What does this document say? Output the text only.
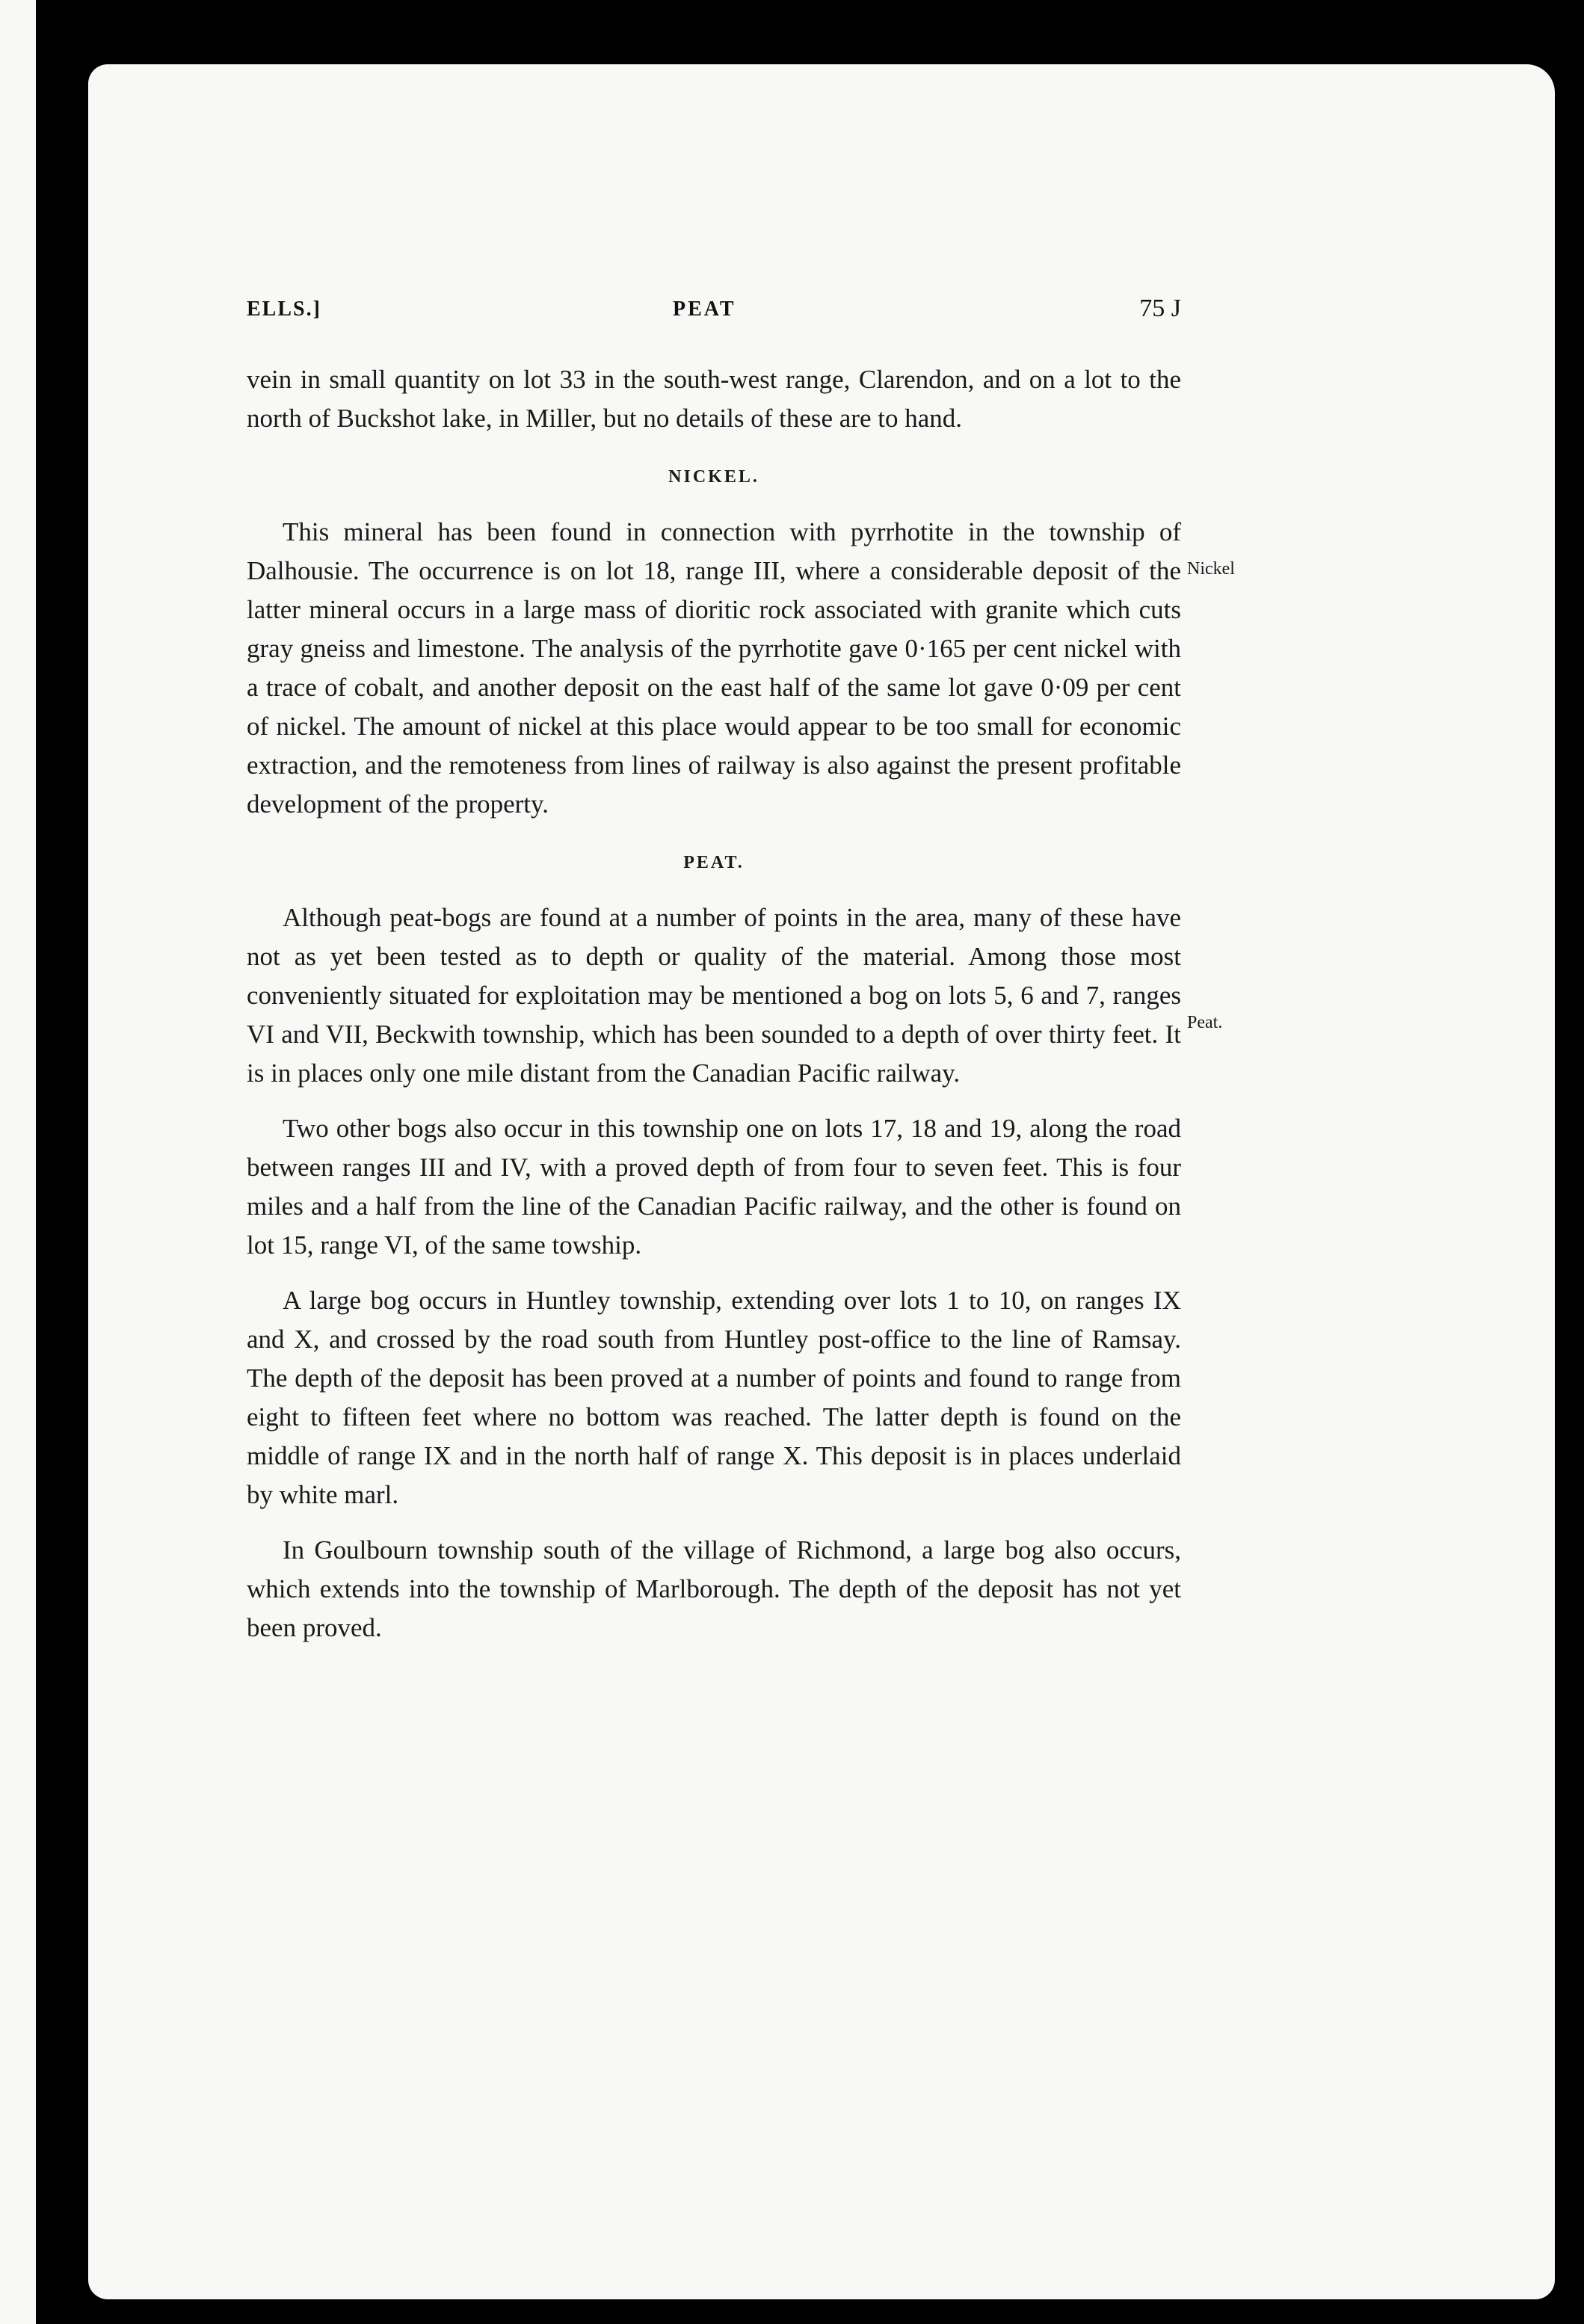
ELLS.]	PEAT	75 J
Nickel
Peat.

vein in small quantity on lot 33 in the south-west range, Clarendon, and on a lot to the north of Buckshot lake, in Miller, but no details of these are to hand.

NICKEL.

This mineral has been found in connection with pyrrhotite in the township of Dalhousie. The occurrence is on lot 18, range III, where a considerable deposit of the latter mineral occurs in a large mass of dioritic rock associated with granite which cuts gray gneiss and limestone. The analysis of the pyrrhotite gave 0·165 per cent nickel with a trace of cobalt, and another deposit on the east half of the same lot gave 0·09 per cent of nickel. The amount of nickel at this place would appear to be too small for economic extraction, and the remoteness from lines of railway is also against the present profitable development of the property.

PEAT.

Although peat-bogs are found at a number of points in the area, many of these have not as yet been tested as to depth or quality of the material. Among those most conveniently situated for exploitation may be mentioned a bog on lots 5, 6 and 7, ranges VI and VII, Beckwith township, which has been sounded to a depth of over thirty feet. It is in places only one mile distant from the Canadian Pacific railway.

Two other bogs also occur in this township one on lots 17, 18 and 19, along the road between ranges III and IV, with a proved depth of from four to seven feet. This is four miles and a half from the line of the Canadian Pacific railway, and the other is found on lot 15, range VI, of the same towship.

A large bog occurs in Huntley township, extending over lots 1 to 10, on ranges IX and X, and crossed by the road south from Huntley post-office to the line of Ramsay. The depth of the deposit has been proved at a number of points and found to range from eight to fifteen feet where no bottom was reached. The latter depth is found on the middle of range IX and in the north half of range X. This deposit is in places underlaid by white marl.

In Goulbourn township south of the village of Richmond, a large bog also occurs, which extends into the township of Marlborough. The depth of the deposit has not yet been proved.
